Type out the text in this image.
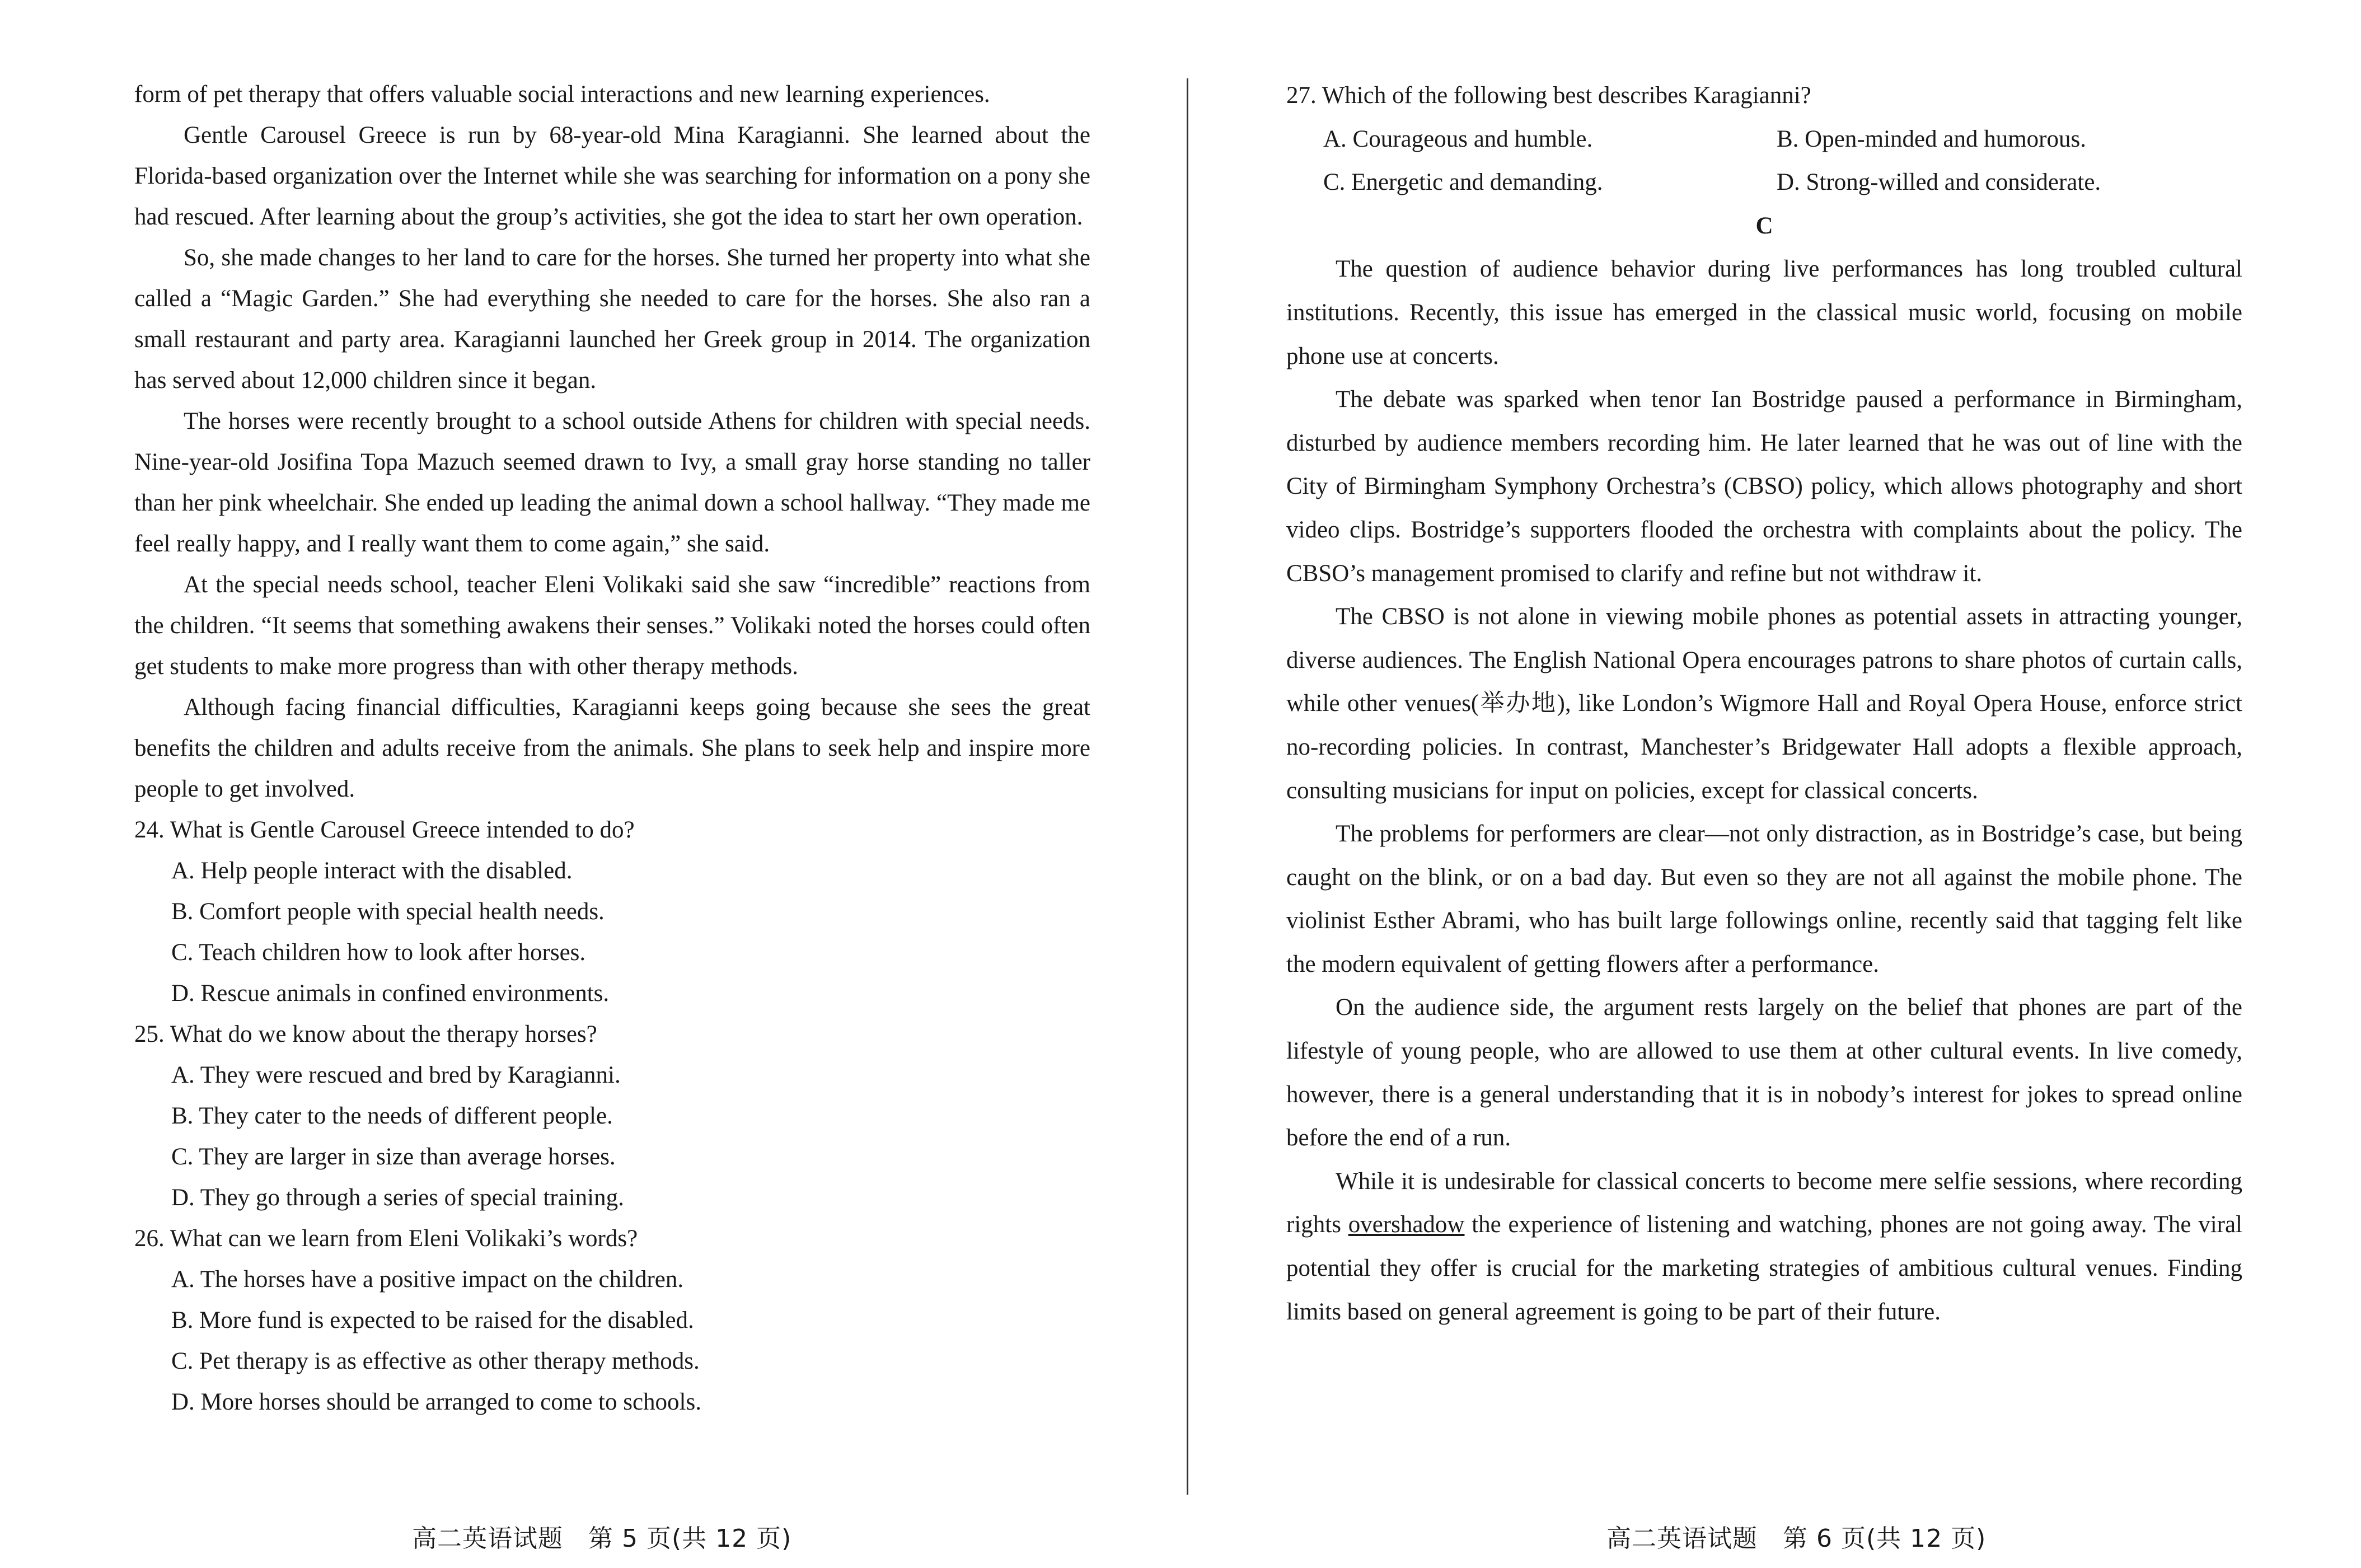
form of pet therapy that offers valuable social interactions and new learning experiences.

Gentle Carousel Greece is run by 68-year-old Mina Karagianni. She learned about the Florida-based organization over the Internet while she was searching for information on a pony she had rescued. After learning about the group’s activities, she got the idea to start her own operation.

So, she made changes to her land to care for the horses. She turned her property into what she called a “Magic Garden.” She had everything she needed to care for the horses. She also ran a small restaurant and party area. Karagianni launched her Greek group in 2014. The organization has served about 12,000 children since it began.

The horses were recently brought to a school outside Athens for children with special needs. Nine-year-old Josifina Topa Mazuch seemed drawn to Ivy, a small gray horse standing no taller than her pink wheelchair. She ended up leading the animal down a school hallway. “They made me feel really happy, and I really want them to come again,” she said.

At the special needs school, teacher Eleni Volikaki said she saw “incredible” reactions from the children. “It seems that something awakens their senses.” Volikaki noted the horses could often get students to make more progress than with other therapy methods.

Although facing financial difficulties, Karagianni keeps going because she sees the great benefits the children and adults receive from the animals. She plans to seek help and inspire more people to get involved.

24. What is Gentle Carousel Greece intended to do?

A. Help people interact with the disabled.

B. Comfort people with special health needs.

C. Teach children how to look after horses.

D. Rescue animals in confined environments.

25. What do we know about the therapy horses?

A. They were rescued and bred by Karagianni.

B. They cater to the needs of different people.

C. They are larger in size than average horses.

D. They go through a series of special training.

26. What can we learn from Eleni Volikaki’s words?

A. The horses have a positive impact on the children.

B. More fund is expected to be raised for the disabled.

C. Pet therapy is as effective as other therapy methods.

D. More horses should be arranged to come to schools.

27. Which of the following best describes Karagianni?

A. Courageous and humble.	B. Open-minded and humorous.
C. Energetic and demanding.	D. Strong-willed and considerate.

C

The question of audience behavior during live performances has long troubled cultural institutions. Recently, this issue has emerged in the classical music world, focusing on mobile phone use at concerts.

The debate was sparked when tenor Ian Bostridge paused a performance in Birmingham, disturbed by audience members recording him. He later learned that he was out of line with the City of Birmingham Symphony Orchestra’s (CBSO) policy, which allows photography and short video clips. Bostridge’s supporters flooded the orchestra with complaints about the policy. The CBSO’s management promised to clarify and refine but not withdraw it.

The CBSO is not alone in viewing mobile phones as potential assets in attracting younger, diverse audiences. The English National Opera encourages patrons to share photos of curtain calls, while other venues(举办地), like London’s Wigmore Hall and Royal Opera House, enforce strict no-recording policies. In contrast, Manchester’s Bridgewater Hall adopts a flexible approach, consulting musicians for input on policies, except for classical concerts.

The problems for performers are clear—not only distraction, as in Bostridge’s case, but being caught on the blink, or on a bad day. But even so they are not all against the mobile phone. The violinist Esther Abrami, who has built large followings online, recently said that tagging felt like the modern equivalent of getting flowers after a performance.

On the audience side, the argument rests largely on the belief that phones are part of the lifestyle of young people, who are allowed to use them at other cultural events. In live comedy, however, there is a general understanding that it is in nobody’s interest for jokes to spread online before the end of a run.

While it is undesirable for classical concerts to become mere selfie sessions, where recording rights overshadow the experience of listening and watching, phones are not going away. The viral potential they offer is crucial for the marketing strategies of ambitious cultural venues. Finding limits based on general agreement is going to be part of their future.

高二英语试题　第 5 页(共 12 页)	高二英语试题　第 6 页(共 12 页)
